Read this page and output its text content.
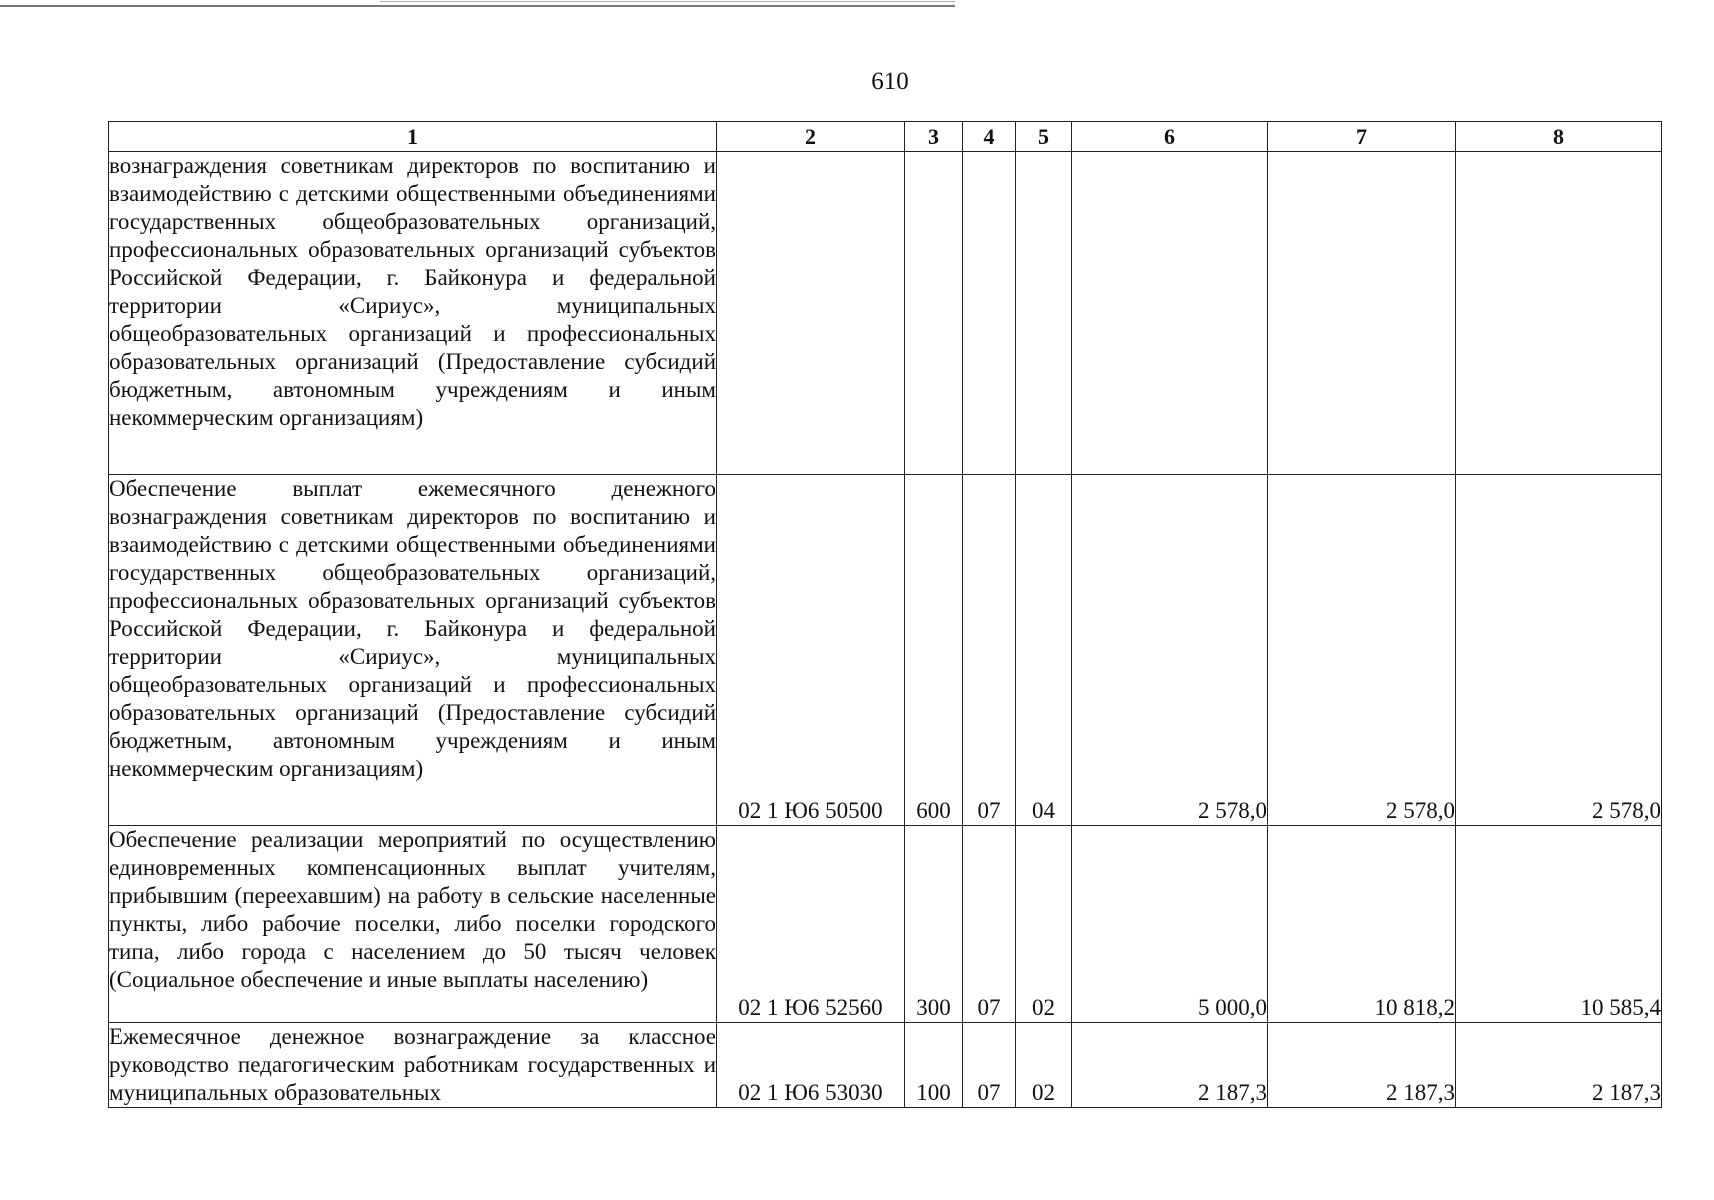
610
1	2	3	4	5	6	7	8

вознаграждения советникам директоров по воспитанию и взаимодействию с детскими общественными объединениями государственных общеобразовательных организаций, профессиональных образовательных организаций субъектов Российской Федерации, г. Байконура и федеральной территории «Сириус», муниципальных общеобразовательных организаций и профессиональных образовательных организаций (Предоставление субсидий бюджетным, автономным учреждениям и иным некоммерческим организациям)							

Обеспечение выплат ежемесячного денежного вознаграждения советникам директоров по воспитанию и взаимодействию с детскими общественными объединениями государственных общеобразовательных организаций, профессиональных образовательных организаций субъектов Российской Федерации, г. Байконура и федеральной территории «Сириус», муниципальных общеобразовательных организаций и профессиональных образовательных организаций (Предоставление субсидий бюджетным, автономным учреждениям и иным некоммерческим организациям)	02 1 Ю6 50500	600	07	04	2 578,0	2 578,0	2 578,0

Обеспечение реализации мероприятий по осуществлению единовременных компенсационных выплат учителям, прибывшим (переехавшим) на работу в сельские населенные пункты, либо рабочие поселки, либо поселки городского типа, либо города с населением до 50 тысяч человек (Социальное обеспечение и иные выплаты населению)	02 1 Ю6 52560	300	07	02	5 000,0	10 818,2	10 585,4

Ежемесячное денежное вознаграждение за классное руководство педагогическим работникам государственных и муниципальных образовательных	02 1 Ю6 53030	100	07	02	2 187,3	2 187,3	2 187,3
